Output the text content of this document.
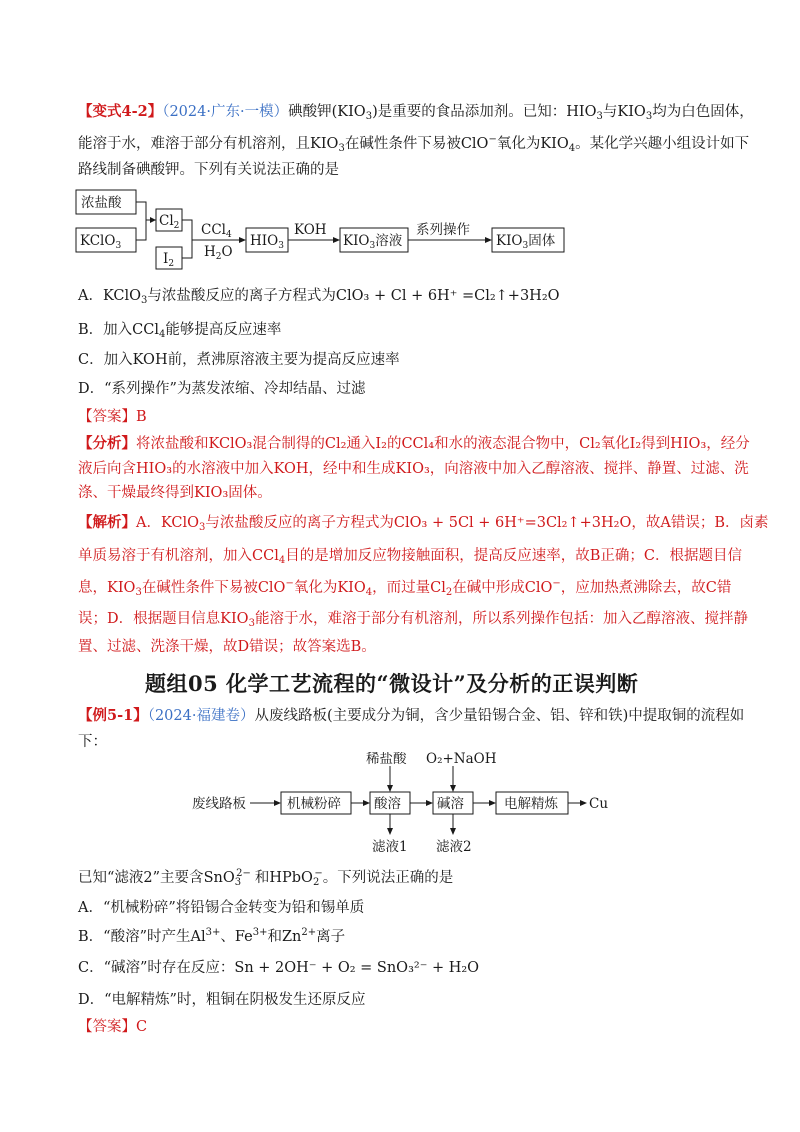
【变式4-2】（2024·广东·一模）碘酸钾$(KIO_3)$是重要的食品添加剂。已知：$HIO_3$与$KIO_3$均为白色固体，
能溶于水，难溶于部分有机溶剂，且$KIO_3$在碱性条件下易被ClO−氧化为$KIO_4$。某化学兴趣小组设计如下
路线制备碘酸钾。下列有关说法正确的是
浓盐酸
KClO$_3$
$Cl_2$
$I_2$
CCl$_4$
$H_2O$
$HIO_3$
KOH
$KIO_3$溶液
系列操作
$KIO_3$固体
A．KClO$_3$与浓盐酸反应的离子方程式为ClO₃ + Cl + 6H⁺ =Cl₂↑+3H₂O
B．加入CCl$_4$能够提高反应速率
C．加入KOH前，煮沸原溶液主要为提高反应速率
D．“系列操作”为蒸发浓缩、冷却结晶、过滤
【答案】B
【分析】将浓盐酸和KClO₃混合制得的Cl₂通入I₂的CCl₄和水的液态混合物中，Cl₂氧化I₂得到HIO₃，经分
液后向含HIO₃的水溶液中加入KOH，经中和生成KIO₃，向溶液中加入乙醇溶液、搅拌、静置、过滤、洗
涤、干燥最终得到KIO₃固体。
【解析】A．KClO$_3$与浓盐酸反应的离子方程式为ClO₃ + 5Cl + 6H⁺=3Cl₂↑+3H₂O，故A错误；B．卤素
单质易溶于有机溶剂，加入CCl$_4$目的是增加反应物接触面积，提高反应速率，故B正确；C．根据题目信
息，$KIO_3$在碱性条件下易被ClO−氧化为$KIO_4$，而过量$Cl_2$在碱中形成ClO−，应加热煮沸除去，故C错
误；D．根据题目信息$KIO_3$能溶于水，难溶于部分有机溶剂，所以系列操作包括：加入乙醇溶液、搅拌静
置、过滤、洗涤干燥，故D错误；故答案选B。
题组05 化学工艺流程的“微设计”及分析的正误判断
【例5-1】（2024·福建卷）从废线路板(主要成分为铜，含少量铅锡合金、铝、锌和铁)中提取铜的流程如
下：
稀盐酸 O₂+NaOH
废线路板	机械粉碎 酸溶	碱溶	电解精炼 Cu
滤液1 滤液2
已知“滤液2”主要含SnO$_3^{2-}$ 和HPbO$_2$−。下列说法正确的是
A．“机械粉碎”将铅锡合金转变为铅和锡单质
B．“酸溶”时产生$Al^{3+}$、$Fe^{3+}$和$Zn^{2+}$离子
C．“碱溶”时存在反应：Sn + 2OH⁻ + O₂ = SnO₃²⁻ + H₂O
D．“电解精炼”时，粗铜在阴极发生还原反应
【答案】C
